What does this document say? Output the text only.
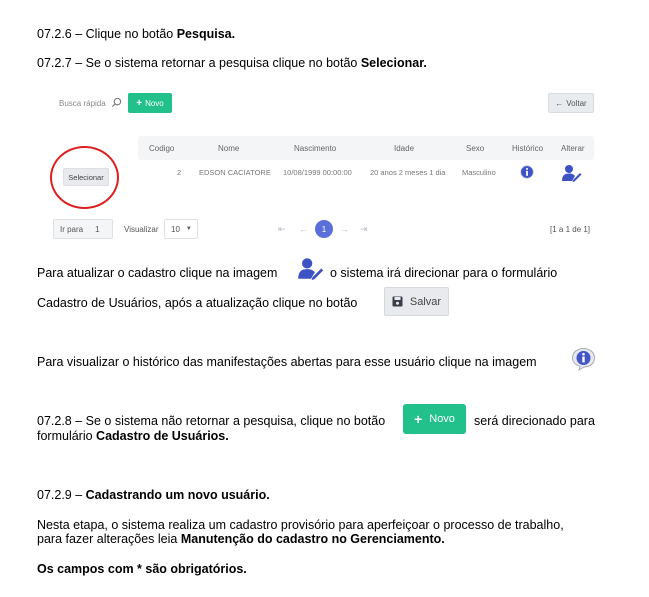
07.2.6 – Clique no botão Pesquisa.
07.2.7 – Se o sistema retornar a pesquisa clique no botão Selecionar.
Busca rápida	+ Novo	← Voltar
Codigo	Nome	Nascimento	Idade	Sexo	Histórico Alterar
Selecionar	2 EDSON CACIATORE 10/08/1999 00:00:00 20 anos 2 meses 1 dia Masculino
Ir para 1	Visualizar 10 ▼	⇤ ←	1	→ ⇥	[1 a 1 de 1]
Para atualizar o cadastro clique na imagem	o sistema irá direcionar para o formulário
Cadastro de Usuários, após a atualização clique no botão	Salvar
Para visualizar o histórico das manifestações abertas para esse usuário clique na imagem
07.2.8 – Se o sistema não retornar a pesquisa, clique no botão + Novo será direcionado para
formulário Cadastro de Usuários.
07.2.9 – Cadastrando um novo usuário.
Nesta etapa, o sistema realiza um cadastro provisório para aperfeiçoar o processo de trabalho,
para fazer alterações leia Manutenção do cadastro no Gerenciamento.
Os campos com * são obrigatórios.
